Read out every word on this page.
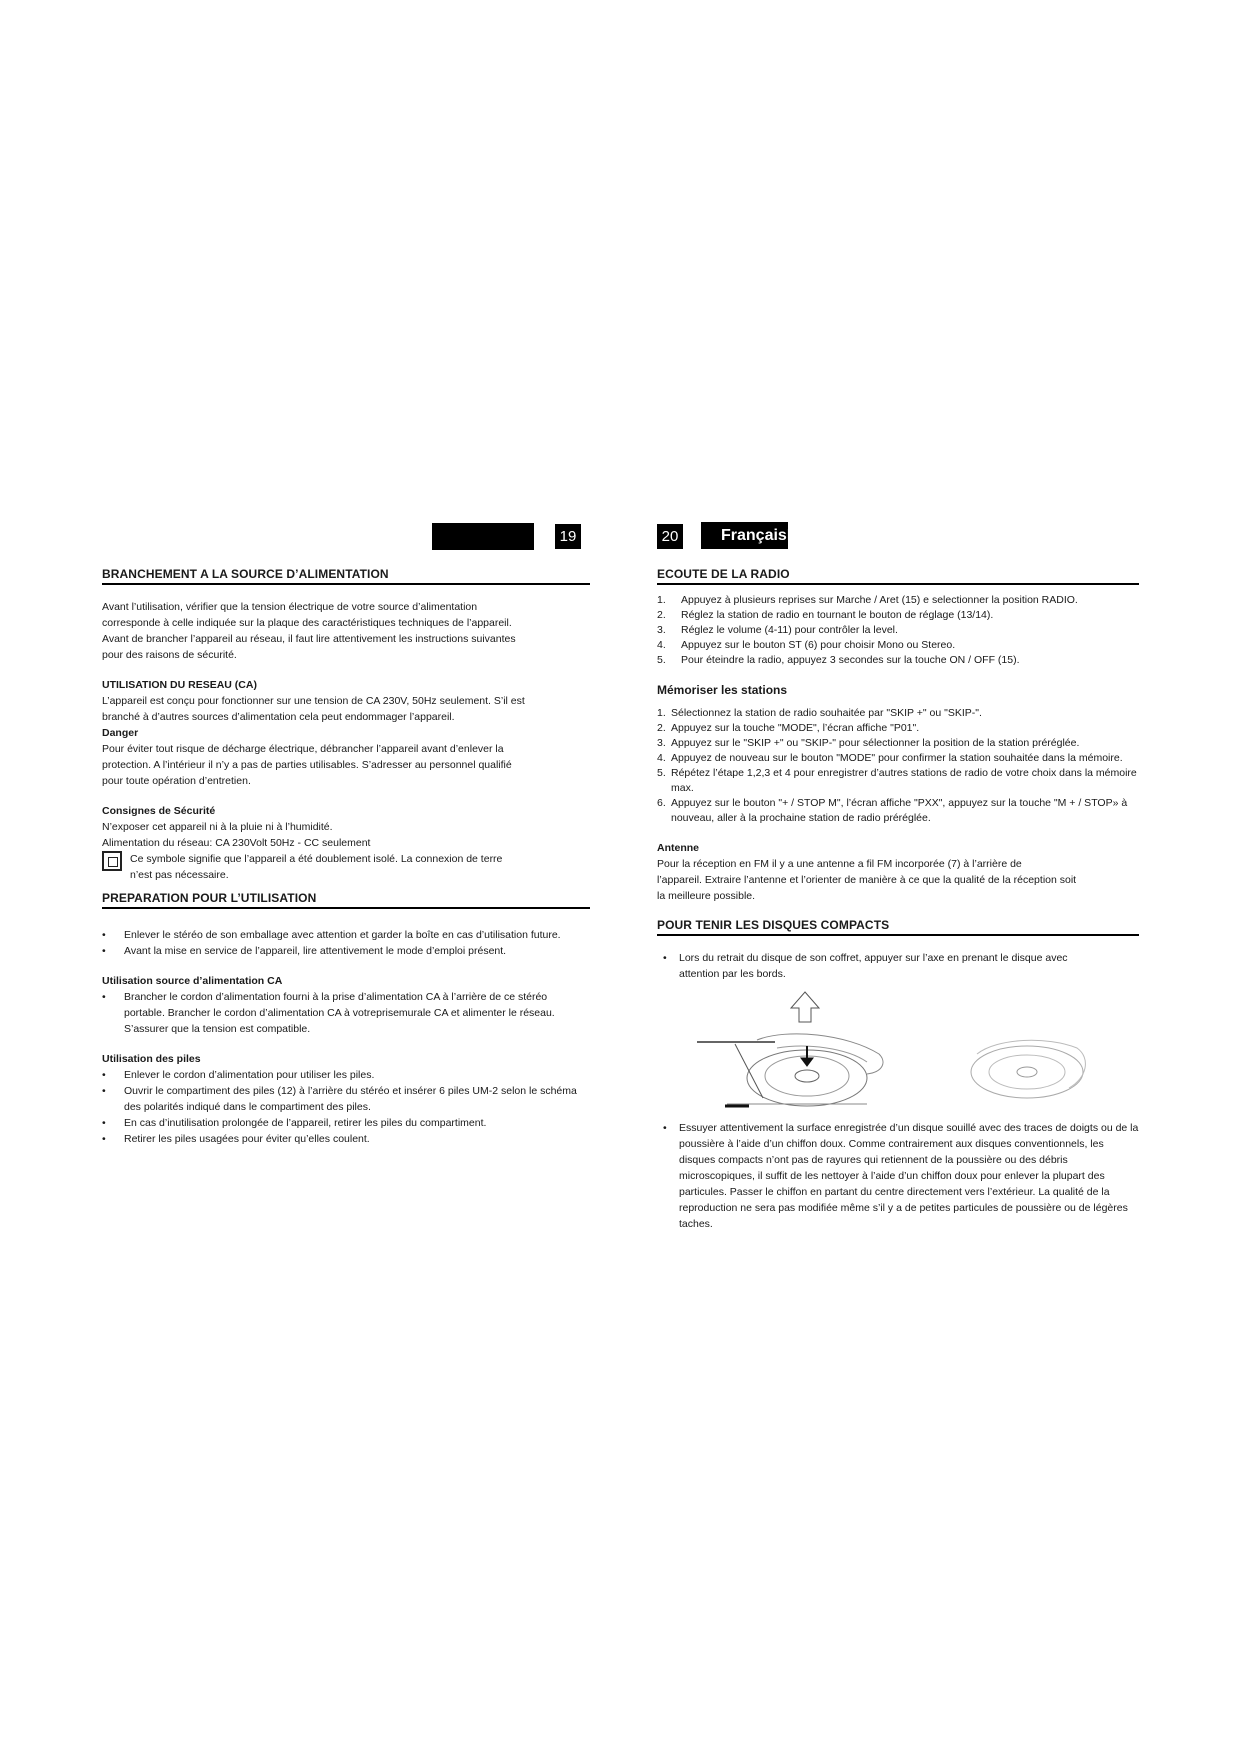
19	20	FrançaisFra
BRANCHEMENT A LA SOURCE D’ALIMENTATION

Avant l’utilisation, vérifier que la tension électrique de votre source d’alimentation

corresponde à celle indiquée sur la plaque des caractéristiques techniques de l’appareil.

Avant de brancher l’appareil au réseau, il faut lire attentivement les instructions suivantes

pour des raisons de sécurité.

UTILISATION DU RESEAU (CA)

L’appareil est conçu pour fonctionner sur une tension de CA 230V, 50Hz seulement. S’il est

branché à d’autres sources d’alimentation cela peut endommager l’appareil.

Danger

Pour éviter tout risque de décharge électrique, débrancher l’appareil avant d’enlever la

protection. A l’intérieur il n’y a pas de parties utilisables. S’adresser au personnel qualifié

pour toute opération d’entretien.

Consignes de Sécurité

N’exposer cet appareil ni à la pluie ni à l’humidité.

Alimentation du réseau: CA 230Volt 50Hz - CC seulement

Ce symbole signifie que l’appareil a été doublement isolé. La connexion de terre

n’est pas nécessaire.

PREPARATION POUR L’UTILISATION
• Enlever le stéréo de son emballage avec attention et garder la boîte en cas d’utilisation future.
• Avant la mise en service de l’appareil, lire attentivement le mode d’emploi présent.

Utilisation source d’alimentation CA

• Brancher le cordon d’alimentation fourni à la prise d’alimentation CA à l’arrière de ce stéréo portable. Brancher le cordon d’alimentation CA à votreprisemurale CA et alimenter le réseau. S’assurer que la tension est compatible.

Utilisation des piles

• Enlever le cordon d’alimentation pour utiliser les piles.
• Ouvrir le compartiment des piles (12) à l’arrière du stéréo et insérer 6 piles UM-2 selon le schéma des polarités indiqué dans le compartiment des piles.
• En cas d’inutilisation prolongée de l’appareil, retirer les piles du compartiment.
• Retirer les piles usagées pour éviter qu’elles coulent.
ECOUTE DE LA RADIO
1. Appuyez à plusieurs reprises sur Marche / Aret (15) e selectionner la position RADIO.
2. Réglez la station de radio en tournant le bouton de réglage (13/14).
3. Réglez le volume (4-11) pour contrôler la level.
4. Appuyez sur le bouton ST (6) pour choisir Mono ou Stereo.
5. Pour éteindre la radio, appuyez 3 secondes sur la touche ON / OFF (15).

Mémoriser les stations

1. Sélectionnez la station de radio souhaitée par "SKIP +" ou "SKIP-".
2. Appuyez sur la touche "MODE", l’écran affiche "P01".
3. Appuyez sur le "SKIP +" ou "SKIP-" pour sélectionner la position de la station préréglée.
4. Appuyez de nouveau sur le bouton "MODE" pour confirmer la station souhaitée dans la mémoire.
5. Répétez l’étape 1,2,3 et 4 pour enregistrer d’autres stations de radio de votre choix dans la mémoire max.
6. Appuyez sur le bouton "+ / STOP M", l’écran affiche "PXX", appuyez sur la touche "M + / STOP» à nouveau, aller à la prochaine station de radio préréglée.

Antenne

Pour la réception en FM il y a une antenne a fil FM incorporée (7) à l’arrière de

l’appareil. Extraire l’antenne et l’orienter de manière à ce que la qualité de la réception soit

la meilleure possible.

POUR TENIR LES DISQUES COMPACTS

• Lors du retrait du disque de son coffret, appuyer sur l’axe en prenant le disque avec attention par les bords.

• Essuyer attentivement la surface enregistrée d’un disque souillé avec des traces de doigts ou de la poussière à l’aide d’un chiffon doux. Comme contrairement aux disques conventionnels, les disques compacts n’ont pas de rayures qui retiennent de la poussière ou des débris microscopiques, il suffit de les nettoyer à l’aide d’un chiffon doux pour enlever la plupart des particules. Passer le chiffon en partant du centre directement vers l’extérieur. La qualité de la reproduction ne sera pas modifiée même s’il y a de petites particules de poussière ou de légères taches.
